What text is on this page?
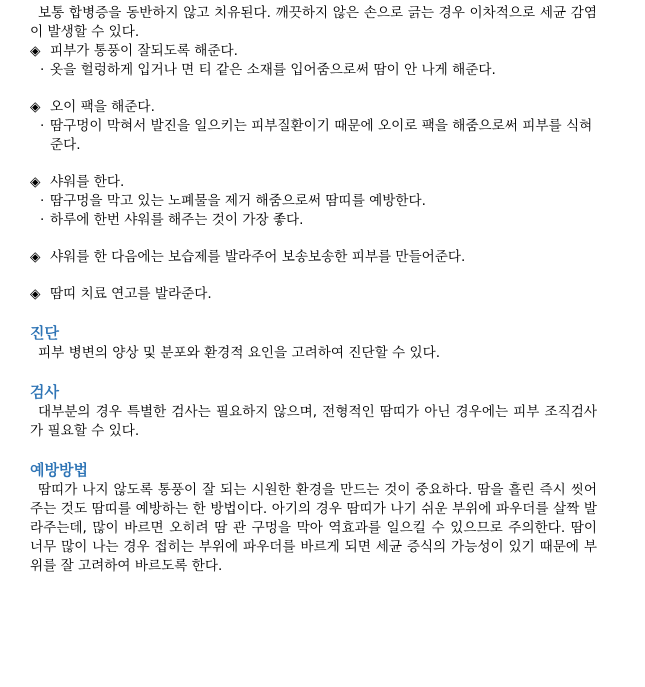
보통 합병증을 동반하지 않고 치유된다. 깨끗하지 않은 손으로 긁는 경우 이차적으로 세균 감염이 발생할 수 있다.

◈ 피부가 통풍이 잘되도록 해준다.

· 옷을 헐렁하게 입거나 면 티 같은 소재를 입어줌으로써 땀이 안 나게 해준다.

◈ 오이 팩을 해준다.

· 땀구멍이 막혀서 발진을 일으키는 피부질환이기 때문에 오이로 팩을 해줌으로써 피부를 식혀 준다.

◈ 샤워를 한다.

· 땀구멍을 막고 있는 노폐물을 제거 해줌으로써 땀띠를 예방한다.

· 하루에 한번 샤워를 해주는 것이 가장 좋다.

◈ 샤워를 한 다음에는 보습제를 발라주어 보송보송한 피부를 만들어준다.

◈ 땀띠 치료 연고를 발라준다.

진단

피부 병변의 양상 및 분포와 환경적 요인을 고려하여 진단할 수 있다.

검사

대부분의 경우 특별한 검사는 필요하지 않으며, 전형적인 땀띠가 아닌 경우에는 피부 조직검사가 필요할 수 있다.

예방방법

땀띠가 나지 않도록 통풍이 잘 되는 시원한 환경을 만드는 것이 중요하다. 땀을 흘린 즉시 씻어주는 것도 땀띠를 예방하는 한 방법이다. 아기의 경우 땀띠가 나기 쉬운 부위에 파우더를 살짝 발라주는데, 많이 바르면 오히려 땀 관 구멍을 막아 역효과를 일으킬 수 있으므로 주의한다. 땀이 너무 많이 나는 경우 접히는 부위에 파우더를 바르게 되면 세균 증식의 가능성이 있기 때문에 부위를 잘 고려하여 바르도록 한다.
